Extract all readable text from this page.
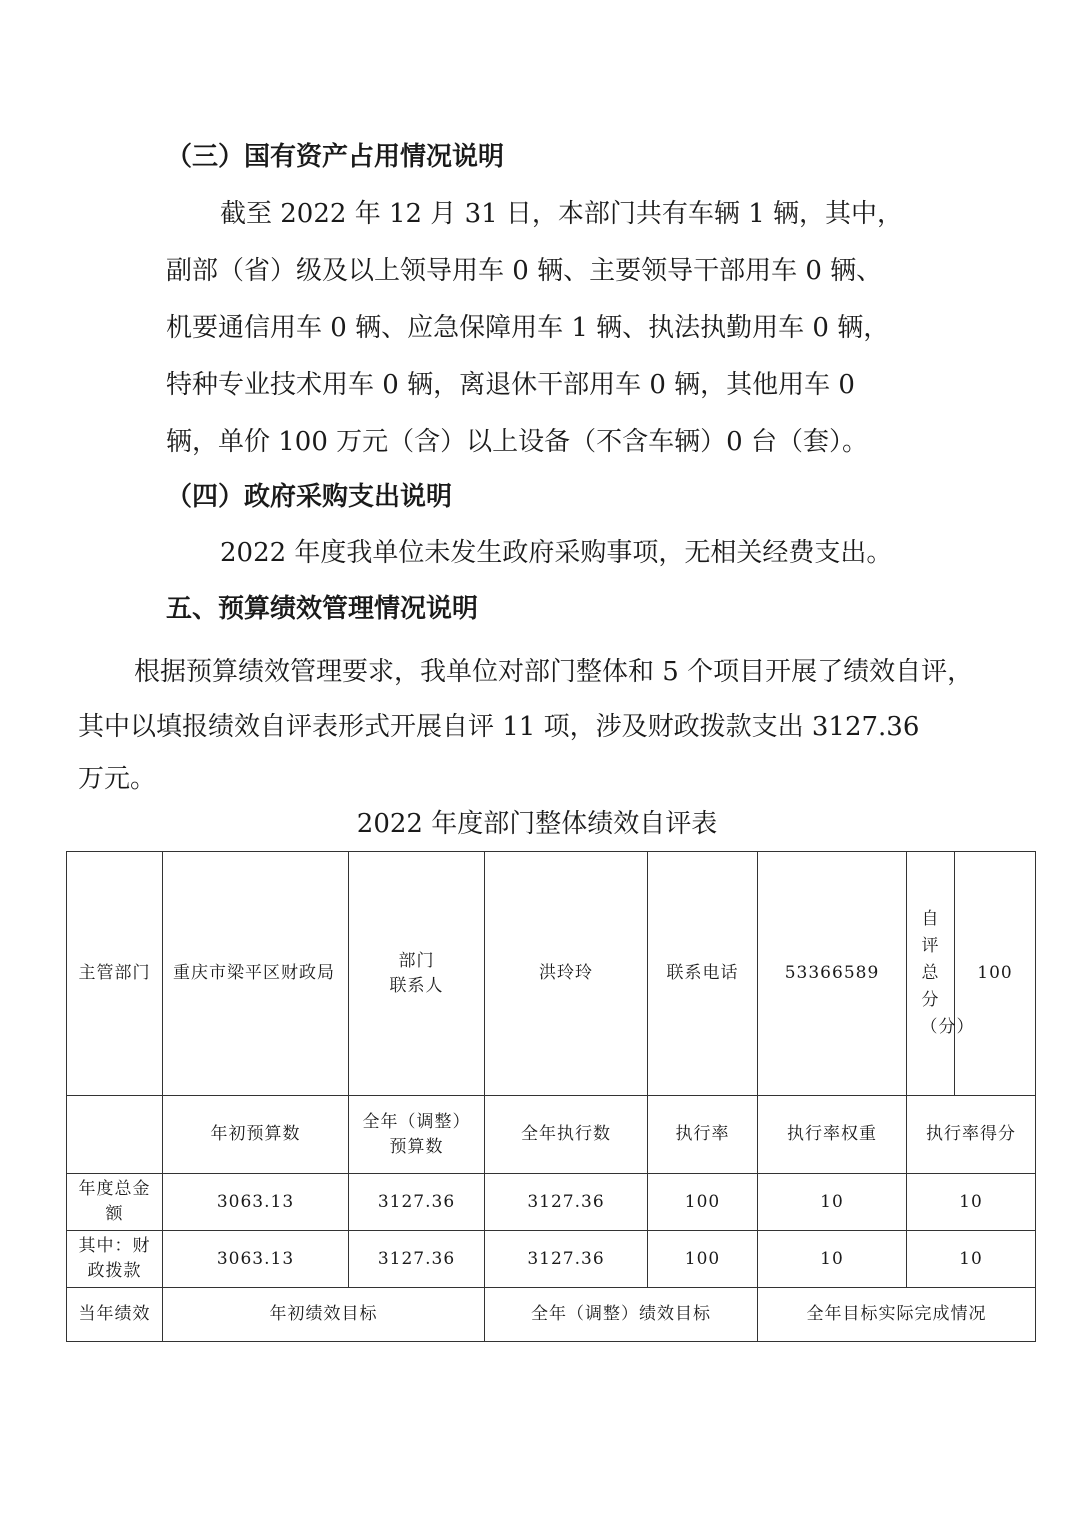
（三）国有资产占用情况说明
截至 2022 年 12 月 31 日，本部门共有车辆 1 辆，其中，
副部（省）级及以上领导用车 0 辆、主要领导干部用车 0 辆、
机要通信用车 0 辆、应急保障用车 1 辆、执法执勤用车 0 辆，
特种专业技术用车 0 辆，离退休干部用车 0 辆，其他用车 0
辆，单价 100 万元（含）以上设备（不含车辆）0 台（套）。
（四）政府采购支出说明
2022 年度我单位未发生政府采购事项，无相关经费支出。
五、预算绩效管理情况说明
根据预算绩效管理要求，我单位对部门整体和 5 个项目开展了绩效自评，
其中以填报绩效自评表形式开展自评 11 项，涉及财政拨款支出 3127.36
万元。
2022 年度部门整体绩效自评表
主管部门	重庆市梁平区财政局	部门
联系人	洪玲玲	联系电话	53366589	自评总分（分）	100
	年初预算数	全年（调整）
预算数	全年执行数	执行率	执行率权重	执行率得分	
年度总金额	3063.13	3127.36	3127.36	100	10	10	
其中：财政拨款	3063.13	3127.36	3127.36	100	10	10	
当年绩效	年初绩效目标		全年（调整）绩效目标		全年目标实际完成情况		
